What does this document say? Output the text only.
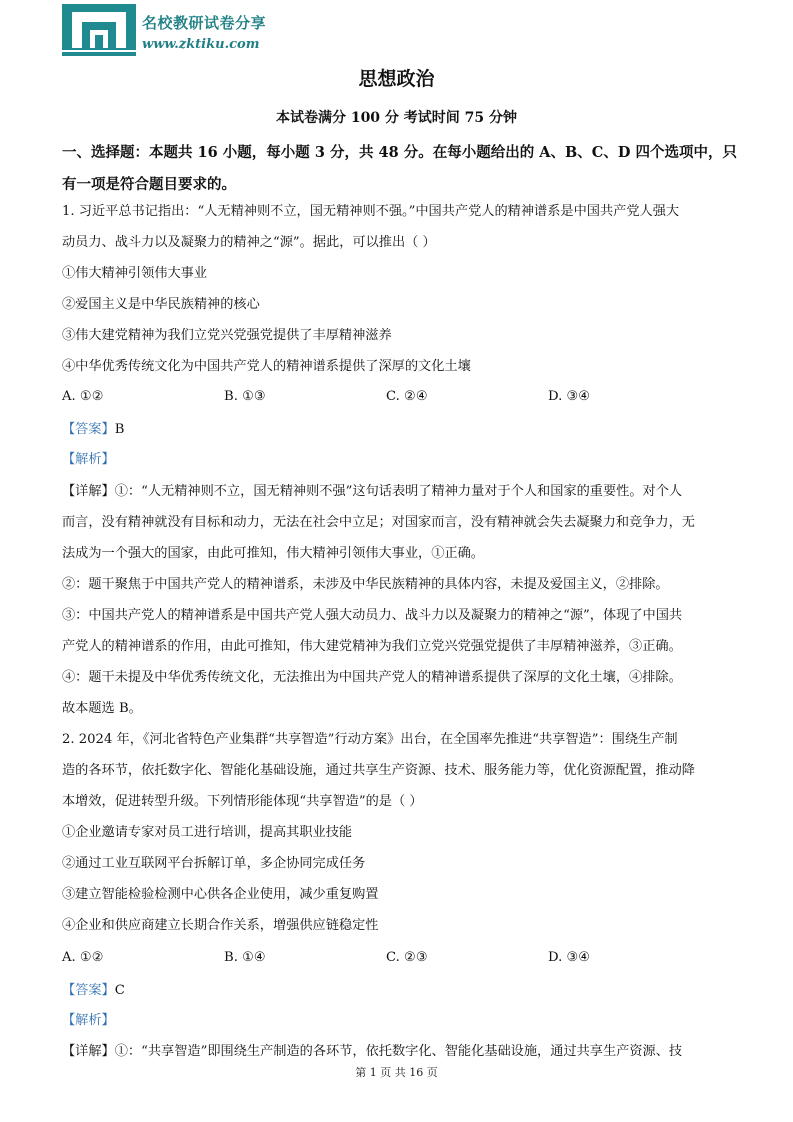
名校教研试卷分享
www.zktiku.com
思想政治
本试卷满分 100 分 考试时间 75 分钟
一、选择题：本题共 16 小题，每小题 3 分，共 48 分。在每小题给出的 A、B、C、D 四个选项中，只有一项是符合题目要求的。
1. 习近平总书记指出：“人无精神则不立，国无精神则不强。”中国共产党人的精神谱系是中国共产党人强大
动员力、战斗力以及凝聚力的精神之“源”。据此，可以推出（ ）
①伟大精神引领伟大事业
②爱国主义是中华民族精神的核心
③伟大建党精神为我们立党兴党强党提供了丰厚精神滋养
④中华优秀传统文化为中国共产党人的精神谱系提供了深厚的文化土壤
A. ①②	B. ①③	C. ②④	D. ③④
【答案】B
【解析】
【详解】①：“人无精神则不立，国无精神则不强”这句话表明了精神力量对于个人和国家的重要性。对个人
而言，没有精神就没有目标和动力，无法在社会中立足；对国家而言，没有精神就会失去凝聚力和竞争力，无
法成为一个强大的国家，由此可推知，伟大精神引领伟大事业，①正确。
②：题干聚焦于中国共产党人的精神谱系，未涉及中华民族精神的具体内容，未提及爱国主义，②排除。
③：中国共产党人的精神谱系是中国共产党人强大动员力、战斗力以及凝聚力的精神之“源”，体现了中国共
产党人的精神谱系的作用，由此可推知，伟大建党精神为我们立党兴党强党提供了丰厚精神滋养，③正确。
④：题干未提及中华优秀传统文化，无法推出为中国共产党人的精神谱系提供了深厚的文化土壤，④排除。
故本题选 B。
2. 2024 年，《河北省特色产业集群“共享智造”行动方案》出台，在全国率先推进“共享智造”：围绕生产制
造的各环节，依托数字化、智能化基础设施，通过共享生产资源、技术、服务能力等，优化资源配置，推动降
本增效，促进转型升级。下列情形能体现“共享智造”的是（ ）
①企业邀请专家对员工进行培训，提高其职业技能
②通过工业互联网平台拆解订单，多企协同完成任务
③建立智能检验检测中心供各企业使用，减少重复购置
④企业和供应商建立长期合作关系，增强供应链稳定性
A. ①②	B. ①④	C. ②③	D. ③④
【答案】C
【解析】
【详解】①：“共享智造”即围绕生产制造的各环节，依托数字化、智能化基础设施，通过共享生产资源、技
第 1 页 共 16 页
